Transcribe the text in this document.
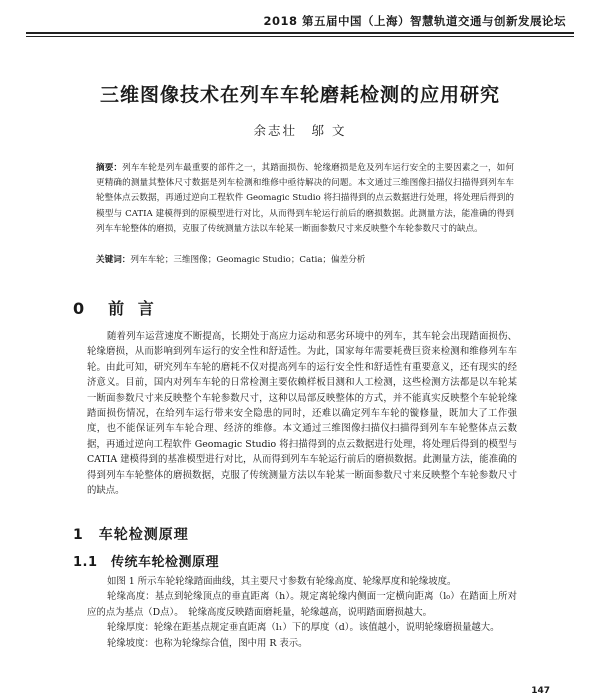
2018 第五届中国（上海）智慧轨道交通与创新发展论坛
三维图像技术在列车车轮磨耗检测的应用研究
余志壮　邬 文
摘要：列车车轮是列车最重要的部件之一，其踏面损伤、轮缘磨损是危及列车运行安全的主要因素之一，如何更精确的测量其整体尺寸数据是列车检测和维修中亟待解决的问题。本文通过三维图像扫描仪扫描得到列车车轮整体点云数据，再通过逆向工程软件 Geomagic Studio 将扫描得到的点云数据进行处理，将处理后得到的模型与 CATIA 建模得到的原模型进行对比，从而得到车轮运行前后的磨损数据。此测量方法，能准确的得到列车车轮整体的磨损，克服了传统测量方法以车轮某一断面参数尺寸来反映整个车轮参数尺寸的缺点。
关键词：列车车轮；三维图像；Geomagic Studio；Catia；偏差分析
0　前 言
随着列车运营速度不断提高，长期处于高应力运动和恶劣环境中的列车，其车轮会出现踏面损伤、轮缘磨损，从而影响到列车运行的安全性和舒适性。为此，国家每年需要耗费巨资来检测和维修列车车轮。由此可知，研究列车车轮的磨耗不仅对提高列车的运行安全性和舒适性有重要意义，还有现实的经济意义。目前，国内对列车车轮的日常检测主要依赖样板目测和人工检测，这些检测方法都是以车轮某一断面参数尺寸来反映整个车轮参数尺寸，这种以局部反映整体的方式，并不能真实反映整个车轮轮缘踏面损伤情况，在给列车运行带来安全隐患的同时，还难以确定列车车轮的镟修量，既加大了工作强度，也不能保证列车车轮合理、经济的维修。本文通过三维图像扫描仪扫描得到列车车轮整体点云数据，再通过逆向工程软件 Geomagic Studio 将扫描得到的点云数据进行处理，将处理后得到的模型与 CATIA 建模得到的基准模型进行对比，从而得到列车车轮运行前后的磨损数据。此测量方法，能准确的得到列车车轮整体的磨损数据，克服了传统测量方法以车轮某一断面参数尺寸来反映整个车轮参数尺寸的缺点。
1　车轮检测原理
1.1　传统车轮检测原理
如图 1 所示车轮轮缘踏面曲线，其主要尺寸参数有轮缘高度、轮缘厚度和轮缘坡度。
轮缘高度：基点到轮缘顶点的垂直距离（h）。规定离轮缘内侧面一定横向距离（l₀）在踏面上所对应的点为基点（D点）。　轮缘高度反映踏面磨耗量，轮缘越高，说明踏面磨损越大。
轮缘厚度：轮缘在距基点规定垂直距离（l₁）下的厚度（d）。该值越小，说明轮缘磨损量越大。
轮缘坡度：也称为轮缘综合值，图中用 R 表示。
147
